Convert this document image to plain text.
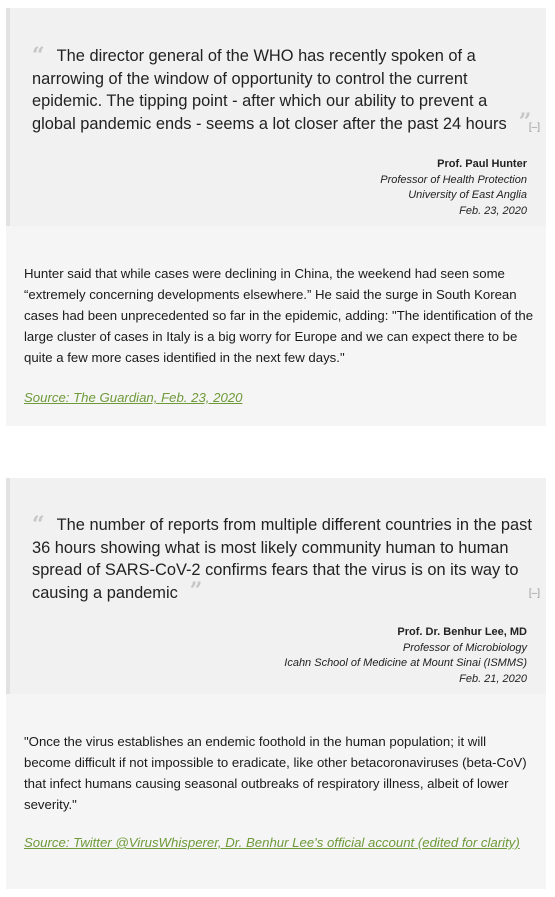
“ The director general of the WHO has recently spoken of a narrowing of the window of opportunity to control the current epidemic. The tipping point - after which our ability to prevent a global pandemic ends - seems a lot closer after the past 24 hours ”

[–]
Prof. Paul Hunter
Professor of Health Protection
University of East Anglia
Feb. 23, 2020

Hunter said that while cases were declining in China, the weekend had seen some “extremely concerning developments elsewhere.” He said the surge in South Korean cases had been unprecedented so far in the epidemic, adding: "The identification of the large cluster of cases in Italy is a big worry for Europe and we can expect there to be quite a few more cases identified in the next few days."

Source: The Guardian, Feb. 23, 2020

“ The number of reports from multiple different countries in the past 36 hours showing what is most likely community human to human spread of SARS-CoV-2 confirms fears that the virus is on its way to causing a pandemic ”	[–]
Prof. Dr. Benhur Lee, MD
Professor of Microbiology
Icahn School of Medicine at Mount Sinai (ISMMS)
Feb. 21, 2020

"Once the virus establishes an endemic foothold in the human population; it will become difficult if not impossible to eradicate, like other betacoronaviruses (beta-CoV) that infect humans causing seasonal outbreaks of respiratory illness, albeit of lower severity."

Source: Twitter @VirusWhisperer, Dr. Benhur Lee's official account (edited for clarity)
